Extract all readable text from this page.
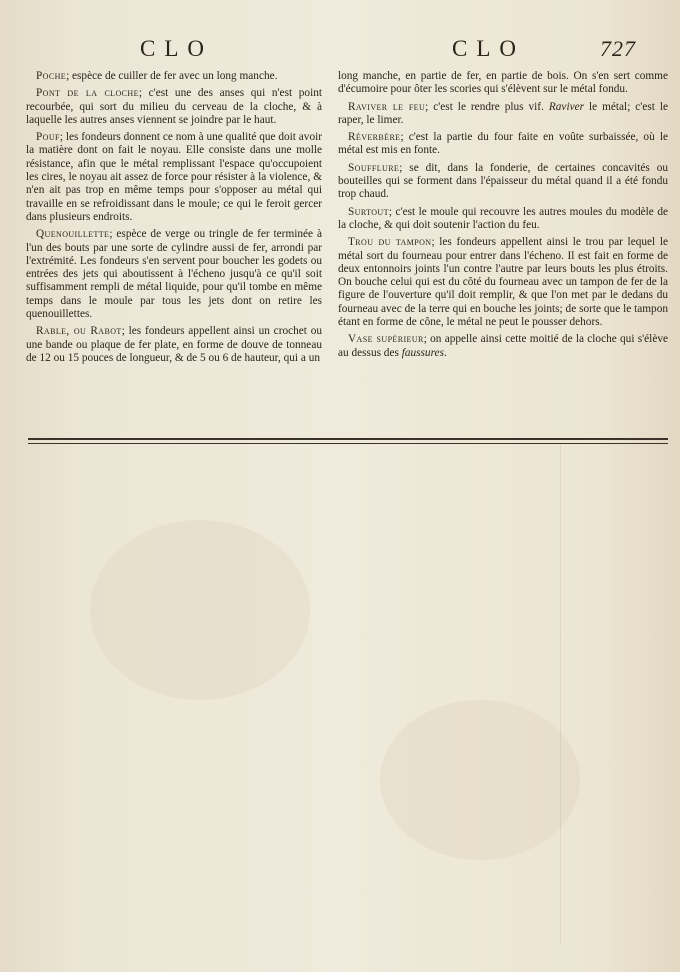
CLO	CLO	727

Poche; espèce de cuiller de fer avec un long manche.

Pont de la cloche; c'est une des anses qui n'est point recourbée, qui sort du milieu du cerveau de la cloche, & à laquelle les autres anses viennent se joindre par le haut.

Pouf; les fondeurs donnent ce nom à une qualité que doit avoir la matière dont on fait le noyau. Elle consiste dans une molle résistance, afin que le métal remplissant l'espace qu'occupoient les cires, le noyau ait assez de force pour résister à la violence, & n'en ait pas trop en même temps pour s'opposer au métal qui travaille en se refroidissant dans le moule; ce qui le feroit gercer dans plusieurs endroits.

Quenouillette; espèce de verge ou tringle de fer terminée à l'un des bouts par une sorte de cylindre aussi de fer, arrondi par l'extrémité. Les fondeurs s'en servent pour boucher les godets ou entrées des jets qui aboutissent à l'écheno jusqu'à ce qu'il soit suffisamment rempli de métal liquide, pour qu'il tombe en même temps dans le moule par tous les jets dont on retire les quenouillettes.

Rable, ou Rabot; les fondeurs appellent ainsi un crochet ou une bande ou plaque de fer plate, en forme de douve de tonneau de 12 ou 15 pouces de longueur, & de 5 ou 6 de hauteur, qui a un

long manche, en partie de fer, en partie de bois. On s'en sert comme d'écumoire pour ôter les scories qui s'élèvent sur le métal fondu.

Raviver le feu; c'est le rendre plus vif. Raviver le métal; c'est le raper, le limer.

Réverbère; c'est la partie du four faite en voûte surbaissée, où le métal est mis en fonte.

Soufflure; se dit, dans la fonderie, de certaines concavités ou bouteilles qui se forment dans l'épaisseur du métal quand il a été fondu trop chaud.

Surtout; c'est le moule qui recouvre les autres moules du modèle de la cloche, & qui doit soutenir l'action du feu.

Trou du tampon; les fondeurs appellent ainsi le trou par lequel le métal sort du fourneau pour entrer dans l'écheno. Il est fait en forme de deux entonnoirs joints l'un contre l'autre par leurs bouts les plus étroits. On bouche celui qui est du côté du fourneau avec un tampon de fer de la figure de l'ouverture qu'il doit remplir, & que l'on met par le dedans du fourneau avec de la terre qui en bouche les joints; de sorte que le tampon étant en forme de cône, le métal ne peut le pousser dehors.

Vase supérieur; on appelle ainsi cette moitié de la cloche qui s'élève au dessus des faussures.
